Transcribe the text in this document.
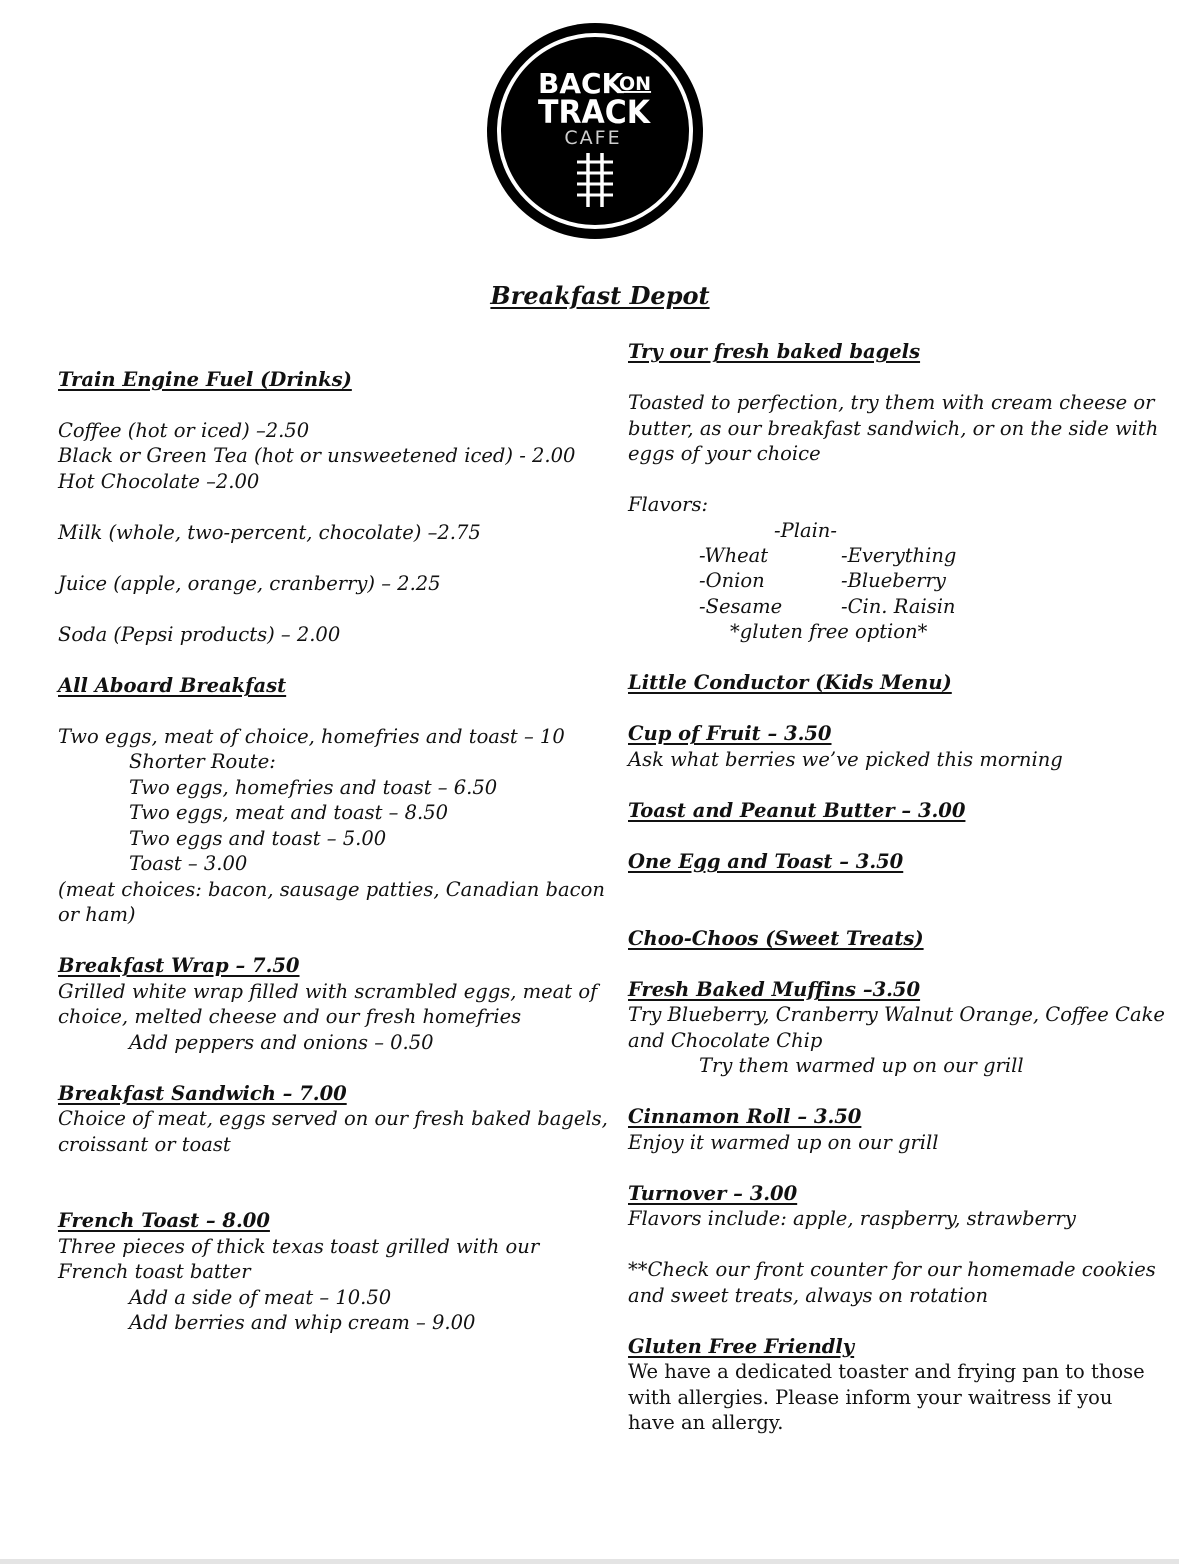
BACK
ON
TRACK
CAFE
Breakfast Depot
Train Engine Fuel (Drinks)
Coffee (hot or iced) –2.50
Black or Green Tea (hot or unsweetened iced) - 2.00
Hot Chocolate –2.00
Milk (whole, two-percent, chocolate) –2.75
Juice (apple, orange, cranberry) – 2.25
Soda (Pepsi products) – 2.00
All Aboard Breakfast
Two eggs, meat of choice, homefries and toast – 10
Shorter Route:
Two eggs, homefries and toast – 6.50
Two eggs, meat and toast – 8.50
Two eggs and toast – 5.00
Toast – 3.00
(meat choices: bacon, sausage patties, Canadian bacon
or ham)
Breakfast Wrap – 7.50
Grilled white wrap filled with scrambled eggs, meat of
choice, melted cheese and our fresh homefries
Add peppers and onions – 0.50
Breakfast Sandwich – 7.00
Choice of meat, eggs served on our fresh baked bagels,
croissant or toast
French Toast – 8.00
Three pieces of thick texas toast grilled with our
French toast batter
Add a side of meat – 10.50
Add berries and whip cream – 9.00
Try our fresh baked bagels
Toasted to perfection, try them with cream cheese or
butter, as our breakfast sandwich, or on the side with
eggs of your choice
Flavors:
-Plain-
-Wheat	-Everything
-Onion	-Blueberry
-Sesame	-Cin. Raisin
*gluten free option*
Little Conductor (Kids Menu)
Cup of Fruit – 3.50
Ask what berries we’ve picked this morning
Toast and Peanut Butter – 3.00
One Egg and Toast – 3.50
Choo-Choos (Sweet Treats)
Fresh Baked Muffins –3.50
Try Blueberry, Cranberry Walnut Orange, Coffee Cake
and Chocolate Chip
Try them warmed up on our grill
Cinnamon Roll – 3.50
Enjoy it warmed up on our grill
Turnover – 3.00
Flavors include: apple, raspberry, strawberry
**Check our front counter for our homemade cookies
and sweet treats, always on rotation
Gluten Free Friendly
We have a dedicated toaster and frying pan to those
with allergies. Please inform your waitress if you
have an allergy.
